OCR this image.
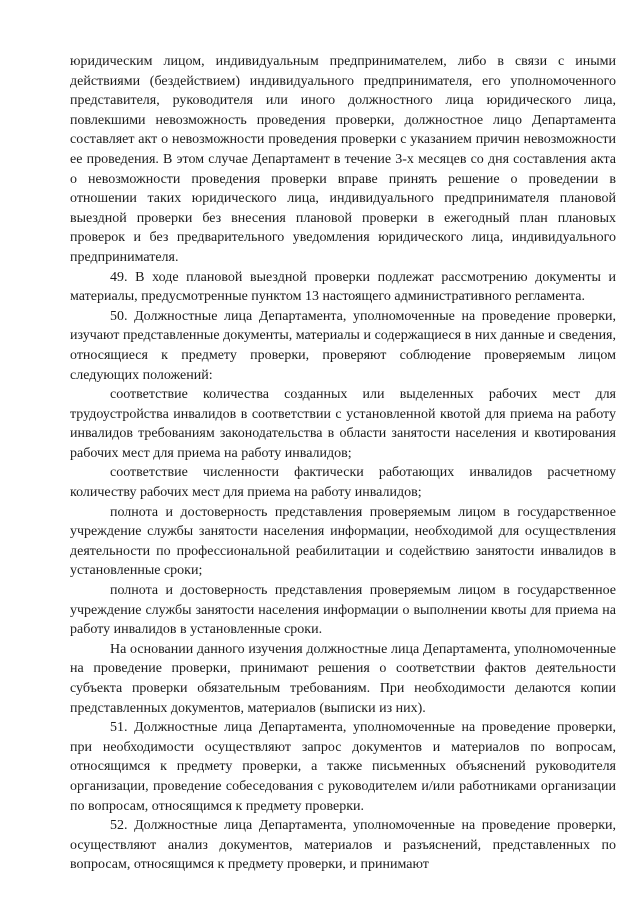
юридическим лицом, индивидуальным предпринимателем, либо в связи с иными действиями (бездействием) индивидуального предпринимателя, его уполномоченного представителя, руководителя или иного должностного лица юридического лица, повлекшими невозможность проведения проверки, должностное лицо Департамента составляет акт о невозможности проведения проверки с указанием причин невозможности ее проведения. В этом случае Департамент в течение 3-х месяцев со дня составления акта о невозможности проведения проверки вправе принять решение о проведении в отношении таких юридического лица, индивидуального предпринимателя плановой выездной проверки без внесения плановой проверки в ежегодный план плановых проверок и без предварительного уведомления юридического лица, индивидуального предпринимателя.

49. В ходе плановой выездной проверки подлежат рассмотрению документы и материалы, предусмотренные пунктом 13 настоящего административного регламента.

50. Должностные лица Департамента, уполномоченные на проведение проверки, изучают представленные документы, материалы и содержащиеся в них данные и сведения, относящиеся к предмету проверки, проверяют соблюдение проверяемым лицом следующих положений:

соответствие количества созданных или выделенных рабочих мест для трудоустройства инвалидов в соответствии с установленной квотой для приема на работу инвалидов требованиям законодательства в области занятости населения и квотирования рабочих мест для приема на работу инвалидов;

соответствие численности фактически работающих инвалидов расчетному количеству рабочих мест для приема на работу инвалидов;

полнота и достоверность представления проверяемым лицом в государственное учреждение службы занятости населения информации, необходимой для осуществления деятельности по профессиональной реабилитации и содействию занятости инвалидов в установленные сроки;

полнота и достоверность представления проверяемым лицом в государственное учреждение службы занятости населения информации о выполнении квоты для приема на работу инвалидов в установленные сроки.

На основании данного изучения должностные лица Департамента, уполномоченные на проведение проверки, принимают решения о соответствии фактов деятельности субъекта проверки обязательным требованиям. При необходимости делаются копии представленных документов, материалов (выписки из них).

51. Должностные лица Департамента, уполномоченные на проведение проверки, при необходимости осуществляют запрос документов и материалов по вопросам, относящимся к предмету проверки, а также письменных объяснений руководителя организации, проведение собеседования с руководителем и/или работниками организации по вопросам, относящимся к предмету проверки.

52. Должностные лица Департамента, уполномоченные на проведение проверки, осуществляют анализ документов, материалов и разъяснений, представленных по вопросам, относящимся к предмету проверки, и принимают
